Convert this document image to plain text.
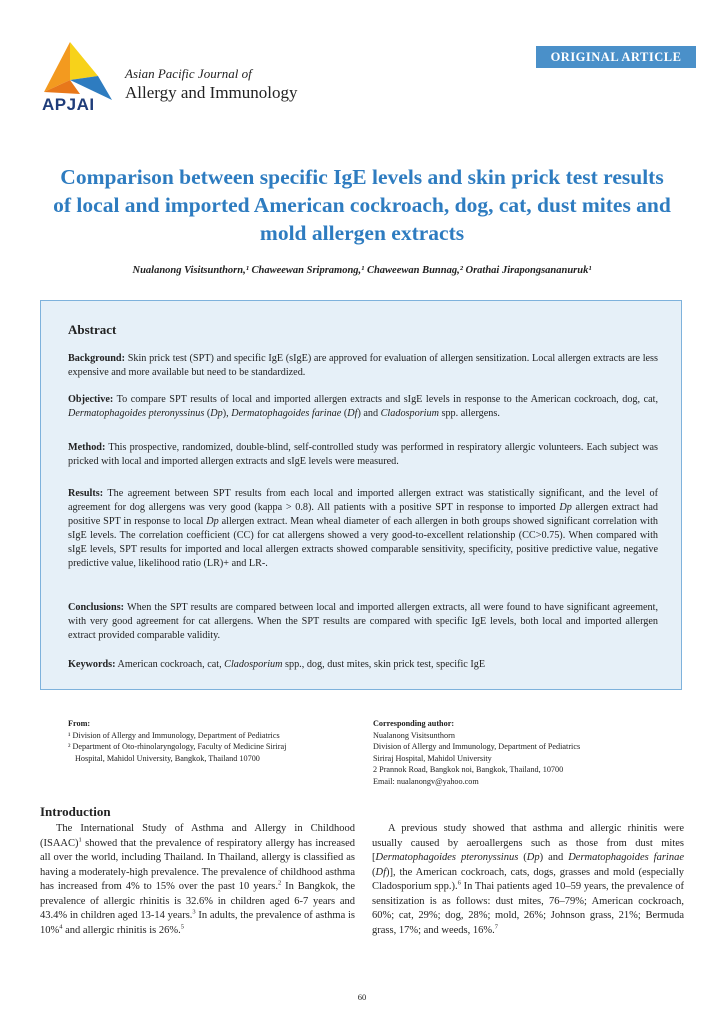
APJAI
Asian Pacific Journal of
Allergy and Immunology
ORIGINAL ARTICLE
Comparison between specific IgE levels and skin prick test results of local and imported American cockroach, dog, cat, dust mites and mold allergen extracts
Nualanong Visitsunthorn,¹ Chaweewan Sripramong,¹ Chaweewan Bunnag,² Orathai Jirapongsananuruk¹
Abstract
Background: Skin prick test (SPT) and specific IgE (sIgE) are approved for evaluation of allergen sensitization. Local allergen extracts are less expensive and more available but need to be standardized.
Objective: To compare SPT results of local and imported allergen extracts and sIgE levels in response to the American cockroach, dog, cat, Dermatophagoides pteronyssinus (Dp), Dermatophagoides farinae (Df) and Cladosporium spp. allergens.
Method: This prospective, randomized, double-blind, self-controlled study was performed in respiratory allergic volunteers. Each subject was pricked with local and imported allergen extracts and sIgE levels were measured.
Results: The agreement between SPT results from each local and imported allergen extract was statistically significant, and the level of agreement for dog allergens was very good (kappa > 0.8). All patients with a positive SPT in response to imported Dp allergen extract had positive SPT in response to local Dp allergen extract. Mean wheal diameter of each allergen in both groups showed significant correlation with sIgE levels. The correlation coefficient (CC) for cat allergens showed a very good-to-excellent relationship (CC>0.75). When compared with sIgE levels, SPT results for imported and local allergen extracts showed comparable sensitivity, specificity, positive predictive value, negative predictive value, likelihood ratio (LR)+ and LR-.
Conclusions: When the SPT results are compared between local and imported allergen extracts, all were found to have significant agreement, with very good agreement for cat allergens. When the SPT results are compared with specific IgE levels, both local and imported allergen extract provided comparable validity.
Keywords: American cockroach, cat, Cladosporium spp., dog, dust mites, skin prick test, specific IgE
From:
¹ Division of Allergy and Immunology, Department of Pediatrics
² Department of Oto-rhinolaryngology, Faculty of Medicine Siriraj
Hospital, Mahidol University, Bangkok, Thailand 10700
Corresponding author:
Nualanong Visitsunthorn
Division of Allergy and Immunology, Department of Pediatrics
Siriraj Hospital, Mahidol University
2 Prannok Road, Bangkok noi, Bangkok, Thailand, 10700
Email: nualanongv@yahoo.com
Introduction
The International Study of Asthma and Allergy in Childhood (ISAAC)$^1$ showed that the prevalence of respiratory allergy has increased all over the world, including Thailand. In Thailand, allergy is classified as having a moderately-high prevalence. The prevalence of childhood asthma has increased from 4% to 15% over the past 10 years.$^2$ In Bangkok, the prevalence of allergic rhinitis is 32.6% in children aged 6-7 years and 43.4% in children aged 13-14 years.$^3$ In adults, the prevalence of asthma is 10%$^4$ and allergic rhinitis is 26%.$^5$
A previous study showed that asthma and allergic rhinitis were usually caused by aeroallergens such as those from dust mites [Dermatophagoides pteronyssinus (Dp) and Dermatophagoides farinae (Df)], the American cockroach, cats, dogs, grasses and mold (especially Cladosporium spp.).$^6$ In Thai patients aged 10–59 years, the prevalence of sensitization is as follows: dust mites, 76–79%; American cockroach, 60%; cat, 29%; dog, 28%; mold, 26%; Johnson grass, 21%; Bermuda grass, 17%; and weeds, 16%.$^7$
60
